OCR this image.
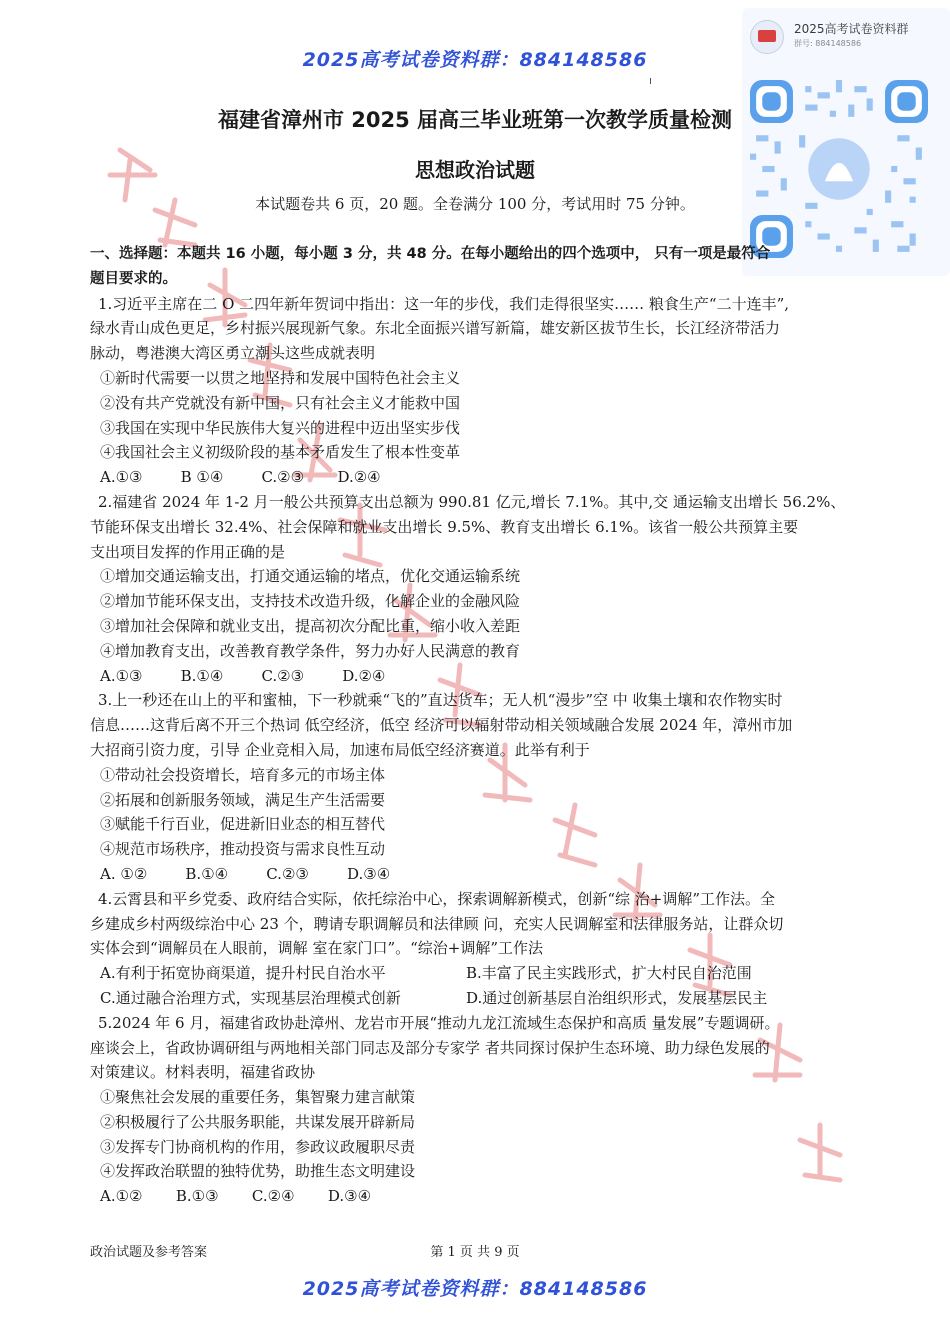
2025高考试卷资料群：884148586
2025高考试卷资料群
群号: 884148586
福建省漳州市 2025 届高三毕业班第一次教学质量检测
思想政治试题
本试题卷共 6 页，20 题。全卷满分 100 分，考试用时 75 分钟。
一、选择题：本题共 16 小题，每小题 3 分，共 48 分。在每小题给出的四个选项中， 只有一项是最符合
题目要求的。
1.习近平主席在二 O 二四年新年贺词中指出：这一年的步伐，我们走得很坚实…… 粮食生产“二十连丰”,
绿水青山成色更足，乡村振兴展现新气象。东北全面振兴谱写新篇，雄安新区拔节生长，长江经济带活力
脉动，粤港澳大湾区勇立潮头这些成就表明
①新时代需要一以贯之地坚持和发展中国特色社会主义
②没有共产党就没有新中国，只有社会主义才能救中国
③我国在实现中华民族伟大复兴的进程中迈出坚实步伐
④我国社会主义初级阶段的基本矛盾发生了根本性变革
A.①③        B ①④        C.②③       D.②④
2.福建省 2024 年 1-2 月一般公共预算支出总额为 990.81 亿元,增长 7.1%。其中,交 通运输支出增长 56.2%、
节能环保支出增长 32.4%、社会保障和就业支出增长 9.5%、教育支出增长 6.1%。该省一般公共预算主要
支出项目发挥的作用正确的是
①增加交通运输支出，打通交通运输的堵点，优化交通运输系统
②增加节能环保支出，支持技术改造升级，化解企业的金融风险
③增加社会保障和就业支出，提高初次分配比重，缩小收入差距
④增加教育支出，改善教育教学条件，努力办好人民满意的教育
A.①③        B.①④        C.②③        D.②④
3.上一秒还在山上的平和蜜柚，下一秒就乘“飞的”直达货车；无人机“漫步”空 中 收集土壤和农作物实时
信息……这背后离不开三个热词 低空经济，低空 经济可以辐射带动相关领域融合发展 2024 年，漳州市加
大招商引资力度，引导 企业竞相入局，加速布局低空经济赛道。此举有利于
①带动社会投资增长，培育多元的市场主体
②拓展和创新服务领域，满足生产生活需要
③赋能千行百业，促进新旧业态的相互替代
④规范市场秩序，推动投资与需求良性互动
A. ①②        B.①④        C.②③        D.③④
4.云霄县和平乡党委、政府结合实际，依托综治中心，探索调解新模式，创新“综 治+调解”工作法。全
乡建成乡村两级综治中心 23 个，聘请专职调解员和法律顾 问，充实人民调解室和法律服务站，让群众切
实体会到“调解员在人眼前，调解 室在家门口”。“综治+调解”工作法
A.有利于拓宽协商渠道，提升村民自治水平	B.丰富了民主实践形式，扩大村民自治范围
C.通过融合治理方式，实现基层治理模式创新	D.通过创新基层自治组织形式，发展基层民主
5.2024 年 6 月，福建省政协赴漳州、龙岩市开展“推动九龙江流域生态保护和高质 量发展”专题调研。
座谈会上，省政协调研组与两地相关部门同志及部分专家学 者共同探讨保护生态环境、助力绿色发展的
对策建议。材料表明，福建省政协
①聚焦社会发展的重要任务，集智聚力建言献策
②积极履行了公共服务职能，共谋发展开辟新局
③发挥专门协商机构的作用，参政议政履职尽责
④发挥政治联盟的独特优势，助推生态文明建设
A.①②       B.①③       C.②④       D.③④
政治试题及参考答案	第 1 页 共 9 页
2025高考试卷资料群：884148586
